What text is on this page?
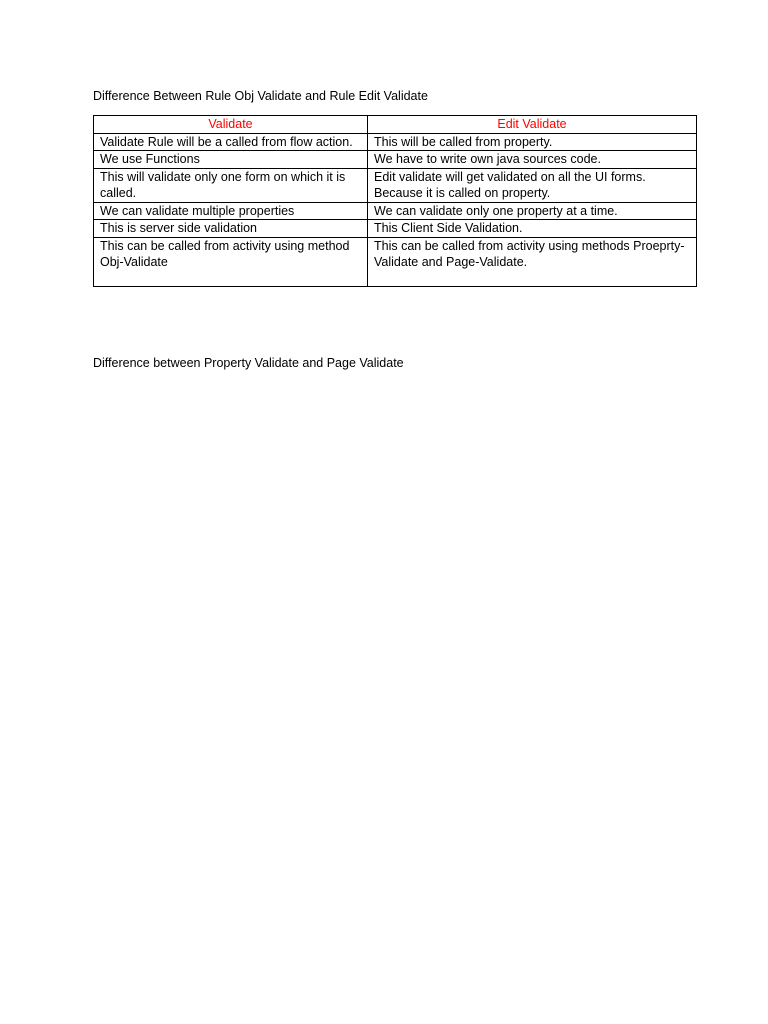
Difference Between Rule Obj Validate and Rule Edit Validate
Validate	Edit Validate
Validate Rule will be a called from flow action.	This will be called from property.
We use Functions	We have to write own java sources code.
This will validate only one form on which it is called.	Edit validate will get validated on all the UI forms. Because it is called on property.
We can validate multiple properties	We can validate only one property at a time.
This is server side validation	This Client Side Validation.
This can be called from activity using method Obj-Validate	This can be called from activity using methods Proeprty-Validate and Page-Validate.
Difference between Property Validate and Page Validate
